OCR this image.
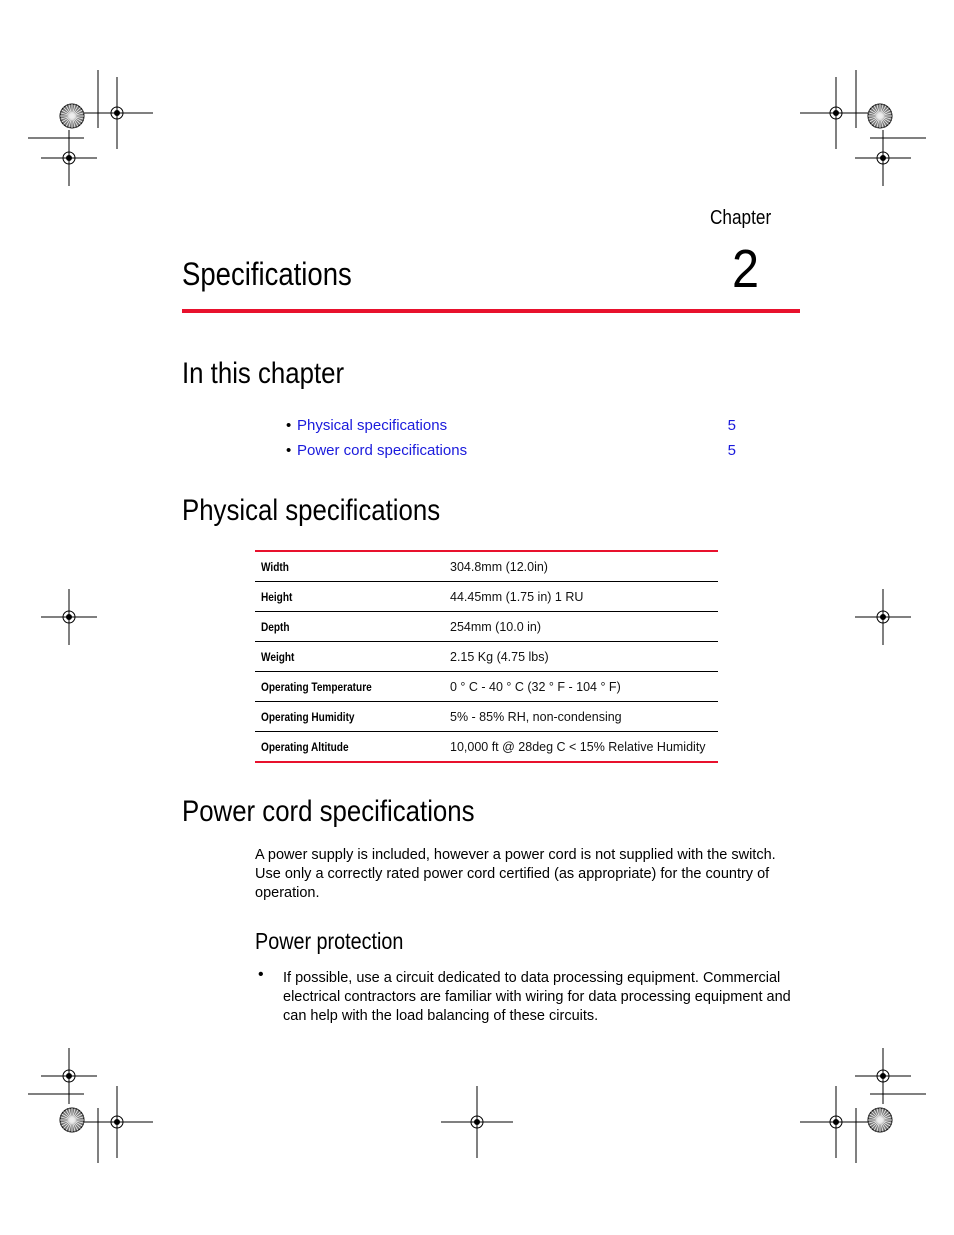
Chapter
2
Specifications
In this chapter
• Physical specifications	5
• Power cord specifications	5
Physical specifications
Width	304.8mm (12.0in)
Height	44.45mm (1.75 in) 1 RU
Depth	254mm (10.0 in)
Weight	2.15 Kg (4.75 lbs)
Operating Temperature	0 ° C - 40 ° C (32 ° F - 104 ° F)
Operating Humidity	5% - 85% RH, non-condensing
Operating Altitude	10,000 ft @ 28deg C < 15% Relative Humidity
Power cord specifications
A power supply is included, however a power cord is not supplied with the switch. Use only a correctly rated power cord certified (as appropriate) for the country of operation.
Power protection
• If possible, use a circuit dedicated to data processing equipment. Commercial electrical contractors are familiar with wiring for data processing equipment and can help with the load balancing of these circuits.
